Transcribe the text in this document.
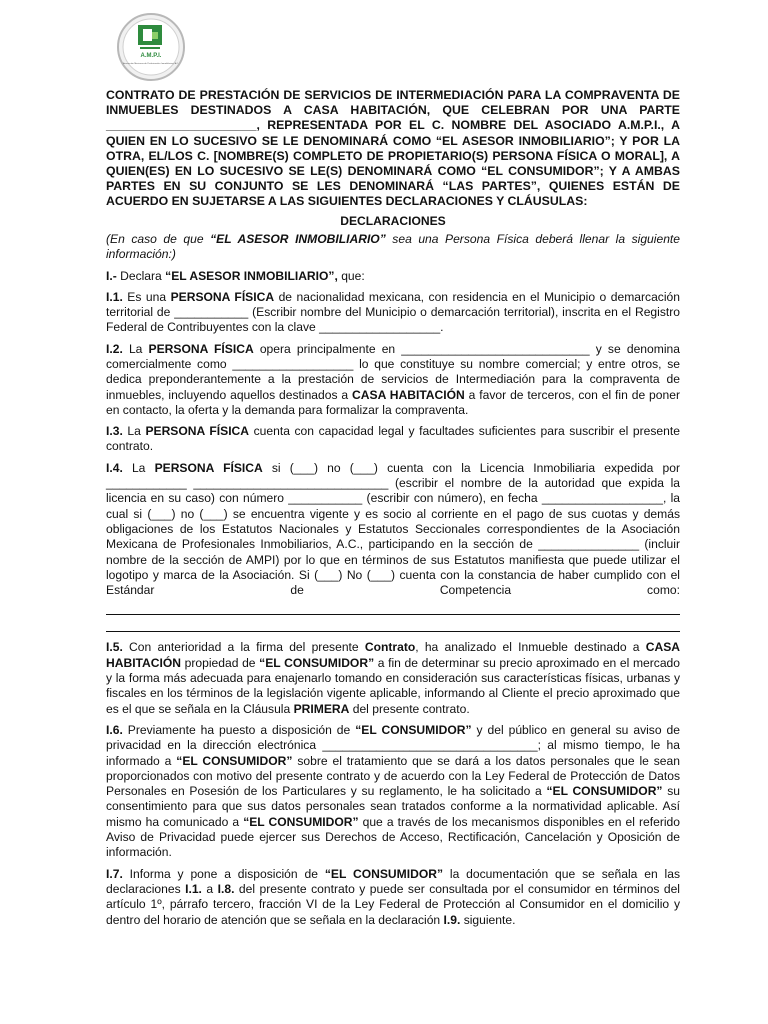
A.M.P.I.
Asociación Mexicana de Profesionales Inmobiliarios, A.C.

CONTRATO DE PRESTACIÓN DE SERVICIOS DE INTERMEDIACIÓN PARA LA COMPRAVENTA DE INMUEBLES DESTINADOS A CASA HABITACIÓN, QUE CELEBRAN POR UNA PARTE ______________________, REPRESENTADA POR EL C. NOMBRE DEL ASOCIADO A.M.P.I., A QUIEN EN LO SUCESIVO SE LE DENOMINARÁ COMO “EL ASESOR INMOBILIARIO”; Y POR LA OTRA, EL/LOS C. [NOMBRE(S) COMPLETO DE PROPIETARIO(S) PERSONA FÍSICA O MORAL], A QUIEN(ES) EN LO SUCESIVO SE LE(S) DENOMINARÁ COMO “EL CONSUMIDOR”; Y A AMBAS PARTES EN SU CONJUNTO SE LES DENOMINARÁ “LAS PARTES”, QUIENES ESTÁN DE ACUERDO EN SUJETARSE A LAS SIGUIENTES DECLARACIONES Y CLÁUSULAS:

DECLARACIONES

(En caso de que “EL ASESOR INMOBILIARIO” sea una Persona Física deberá llenar la siguiente información:)

I.- Declara “EL ASESOR INMOBILIARIO”, que:

I.1. Es una PERSONA FÍSICA de nacionalidad mexicana, con residencia en el Municipio o demarcación territorial de ___________ (Escribir nombre del Municipio o demarcación territorial), inscrita en el Registro Federal de Contribuyentes con la clave __________________.

I.2. La PERSONA FÍSICA opera principalmente en ____________________________ y se denomina comercialmente como __________________ lo que constituye su nombre comercial; y entre otros, se dedica preponderantemente a la prestación de servicios de Intermediación para la compraventa de inmuebles, incluyendo aquellos destinados a CASA HABITACIÓN a favor de terceros, con el fin de poner en contacto, la oferta y la demanda para formalizar la compraventa.

I.3. La PERSONA FÍSICA cuenta con capacidad legal y facultades suficientes para suscribir el presente contrato.

I.4. La PERSONA FÍSICA si (___) no (___) cuenta con la Licencia Inmobiliaria expedida por ____________ _____________________________ (escribir el nombre de la autoridad que expida la licencia en su caso) con número ___________ (escribir con número), en fecha __________________, la cual si (___) no (___) se encuentra vigente y es socio al corriente en el pago de sus cuotas y demás obligaciones de los Estatutos Nacionales y Estatutos Seccionales correspondientes de la Asociación Mexicana de Profesionales Inmobiliarios, A.C., participando en la sección de _______________ (incluir nombre de la sección de AMPI) por lo que en términos de sus Estatutos manifiesta que puede utilizar el logotipo y marca de la Asociación. Si (___) No (___) cuenta con la constancia de haber cumplido con el Estándar de Competencia como:

I.5. Con anterioridad a la firma del presente Contrato, ha analizado el Inmueble destinado a CASA HABITACIÓN propiedad de “EL CONSUMIDOR” a fin de determinar su precio aproximado en el mercado y la forma más adecuada para enajenarlo tomando en consideración sus características físicas, urbanas y fiscales en los términos de la legislación vigente aplicable, informando al Cliente el precio aproximado que es el que se señala en la Cláusula PRIMERA del presente contrato.

I.6. Previamente ha puesto a disposición de “EL CONSUMIDOR” y del público en general su aviso de privacidad en la dirección electrónica ________________________________; al mismo tiempo, le ha informado a “EL CONSUMIDOR” sobre el tratamiento que se dará a los datos personales que le sean proporcionados con motivo del presente contrato y de acuerdo con la Ley Federal de Protección de Datos Personales en Posesión de los Particulares y su reglamento, le ha solicitado a “EL CONSUMIDOR” su consentimiento para que sus datos personales sean tratados conforme a la normatividad aplicable. Así mismo ha comunicado a “EL CONSUMIDOR” que a través de los mecanismos disponibles en el referido Aviso de Privacidad puede ejercer sus Derechos de Acceso, Rectificación, Cancelación y Oposición de información.

I.7. Informa y pone a disposición de “EL CONSUMIDOR” la documentación que se señala en las declaraciones I.1. a I.8. del presente contrato y puede ser consultada por el consumidor en términos del artículo 1º, párrafo tercero, fracción VI de la Ley Federal de Protección al Consumidor en el domicilio y dentro del horario de atención que se señala en la declaración I.9. siguiente.
